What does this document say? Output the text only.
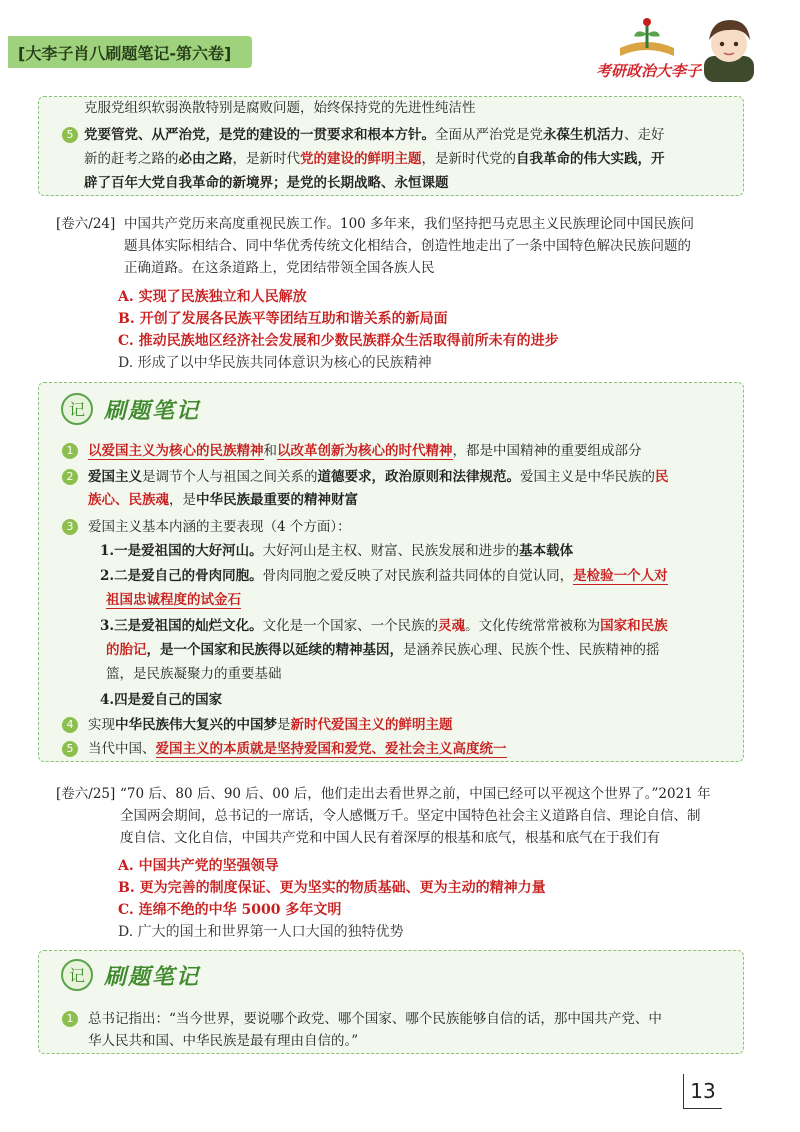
[大李子肖八刷题笔记-第六卷]
考研政治大李子
克服党组织软弱涣散特别是腐败问题，始终保持党的先进性纯洁性
5 党要管党、从严治党，是党的建设的一贯要求和根本方针。全面从严治党是党永葆生机活力、走好
新的赶考之路的必由之路，是新时代党的建设的鲜明主题，是新时代党的自我革命的伟大实践，开
辟了百年大党自我革命的新境界；是党的长期战略、永恒课题
[卷六/24] 中国共产党历来高度重视民族工作。100 多年来，我们坚持把马克思主义民族理论同中国民族问
题具体实际相结合、同中华优秀传统文化相结合，创造性地走出了一条中国特色解决民族问题的
正确道路。在这条道路上，党团结带领全国各族人民
A. 实现了民族独立和人民解放
B. 开创了发展各民族平等团结互助和谐关系的新局面
C. 推动民族地区经济社会发展和少数民族群众生活取得前所未有的进步
D. 形成了以中华民族共同体意识为核心的民族精神
记 刷题笔记
1	以爱国主义为核心的民族精神和以改革创新为核心的时代精神，都是中国精神的重要组成部分
2	爱国主义是调节个人与祖国之间关系的道德要求，政治原则和法律规范。爱国主义是中华民族的民
族心、民族魂，是中华民族最重要的精神财富
3	爱国主义基本内涵的主要表现（4 个方面）：
1.一是爱祖国的大好河山。大好河山是主权、财富、民族发展和进步的基本载体
2.二是爱自己的骨肉同胞。骨肉同胞之爱反映了对民族利益共同体的自觉认同，是检验一个人对
祖国忠诚程度的试金石
3.三是爱祖国的灿烂文化。文化是一个国家、一个民族的灵魂。文化传统常常被称为国家和民族
的胎记，是一个国家和民族得以延续的精神基因，是涵养民族心理、民族个性、民族精神的摇
篮，是民族凝聚力的重要基础
4.四是爱自己的国家
4	实现中华民族伟大复兴的中国梦是新时代爱国主义的鲜明主题
5	当代中国、爱国主义的本质就是坚持爱国和爱党、爱社会主义高度统一
[卷六/25] “70 后、80 后、90 后、00 后，他们走出去看世界之前，中国已经可以平视这个世界了。”2021 年
全国两会期间，总书记的一席话，令人感慨万千。坚定中国特色社会主义道路自信、理论自信、制
度自信、文化自信，中国共产党和中国人民有着深厚的根基和底气，根基和底气在于我们有
A. 中国共产党的坚强领导
B. 更为完善的制度保证、更为坚实的物质基础、更为主动的精神力量
C. 连绵不绝的中华 5000 多年文明
D. 广大的国土和世界第一人口大国的独特优势
记 刷题笔记
1	总书记指出：“当今世界，要说哪个政党、哪个国家、哪个民族能够自信的话，那中国共产党、中
华人民共和国、中华民族是最有理由自信的。”
13
